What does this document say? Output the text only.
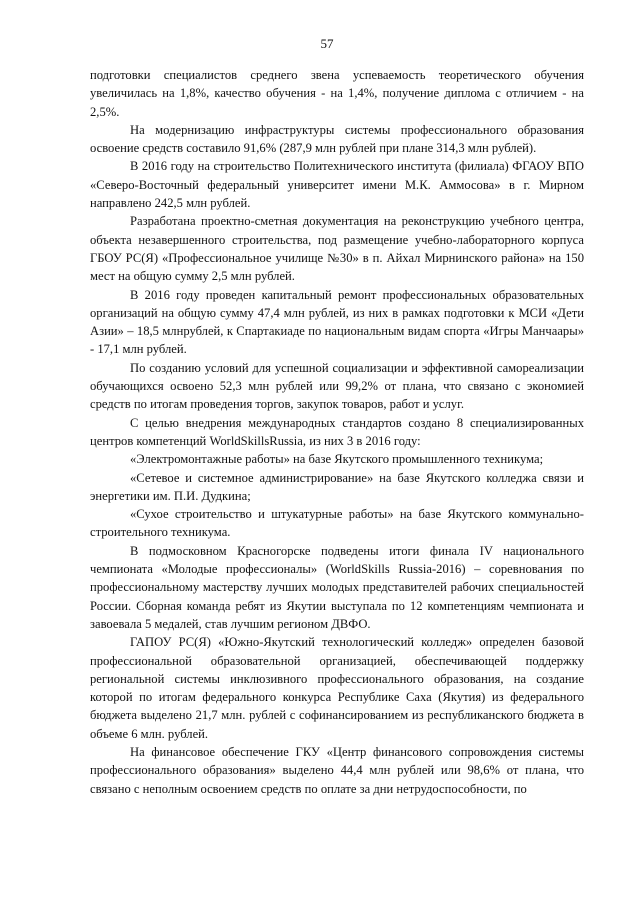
57

подготовки специалистов среднего звена успеваемость теоретического обучения увеличилась на 1,8%, качество обучения - на 1,4%, получение диплома с отличием - на 2,5%.

На модернизацию инфраструктуры системы профессионального образования освоение средств составило 91,6% (287,9 млн рублей при плане 314,3 млн рублей).

В 2016 году на строительство Политехнического института (филиала) ФГАОУ ВПО «Северо-Восточный федеральный университет имени М.К. Аммосова» в г. Мирном направлено 242,5 млн рублей.

Разработана проектно-сметная документация на реконструкцию учебного центра, объекта незавершенного строительства, под размещение учебно-лабораторного корпуса ГБОУ РС(Я) «Профессиональное училище №30» в п. Айхал Мирнинского района» на 150 мест на общую сумму 2,5 млн рублей.

В 2016 году проведен капитальный ремонт профессиональных образовательных организаций на общую сумму 47,4 млн рублей, из них в рамках подготовки к МСИ «Дети Азии» – 18,5 млнрублей, к Спартакиаде по национальным видам спорта «Игры Манчаары» - 17,1 млн рублей.

По созданию условий для успешной социализации и эффективной самореализации обучающихся освоено 52,3 млн рублей или 99,2% от плана, что связано с экономией средств по итогам проведения торгов, закупок товаров, работ и услуг.

С целью внедрения международных стандартов создано 8 специализированных центров компетенций WorldSkillsRussia, из них 3 в 2016 году:

«Электромонтажные работы» на базе Якутского промышленного техникума;

«Сетевое и системное администрирование» на базе Якутского колледжа связи и энергетики им. П.И. Дудкина;

«Сухое строительство и штукатурные работы» на базе Якутского коммунально-строительного техникума.

В подмосковном Красногорске подведены итоги финала IV национального чемпионата «Молодые профессионалы» (WorldSkills Russia-2016) – соревнования по профессиональному мастерству лучших молодых представителей рабочих специальностей России. Сборная команда ребят из Якутии выступала по 12 компетенциям чемпионата и завоевала 5 медалей, став лучшим регионом ДВФО.

ГАПОУ РС(Я) «Южно-Якутский технологический колледж» определен базовой профессиональной образовательной организацией, обеспечивающей поддержку региональной системы инклюзивного профессионального образования, на создание которой по итогам федерального конкурса Республике Саха (Якутия) из федерального бюджета выделено 21,7 млн. рублей с софинансированием из республиканского бюджета в объеме 6 млн. рублей.

На финансовое обеспечение ГКУ «Центр финансового сопровождения системы профессионального образования» выделено 44,4 млн рублей или 98,6% от плана, что связано с неполным освоением средств по оплате за дни нетрудоспособности, по
